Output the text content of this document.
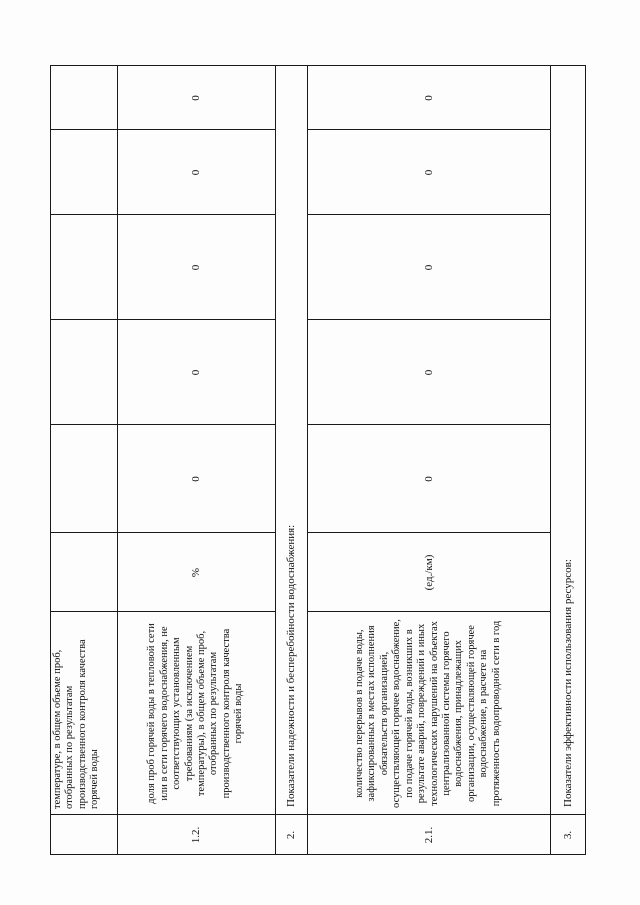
температуре, в общем объеме проб, отобранных по результатам производственного контроля качества горячей воды
1.2.
доля проб горячей воды в тепловой сети или в сети горячего водоснабжения, не соответствующих установленным требованиям (за исключением температуры), в общем объеме проб, отобранных по результатам производственного контроля качества горячей воды
%
0
0
0
0
0
2.
Показатели надежности и бесперебойности водоснабжения:
2.1.
количество перерывов в подаче воды, зафиксированных в местах исполнения обязательств организацией, осуществляющей горячее водоснабжение, по подаче горячей воды, возникших в результате аварий, повреждений и иных технологических нарушений на объектах централизованной системы горячего водоснабжения, принадлежащих организации, осуществляющей горячее водоснабжение, в расчете на протяженность водопроводной сети в год
(ед./км)
0
0
0
0
0
3.
Показатели эффективности использования ресурсов:
